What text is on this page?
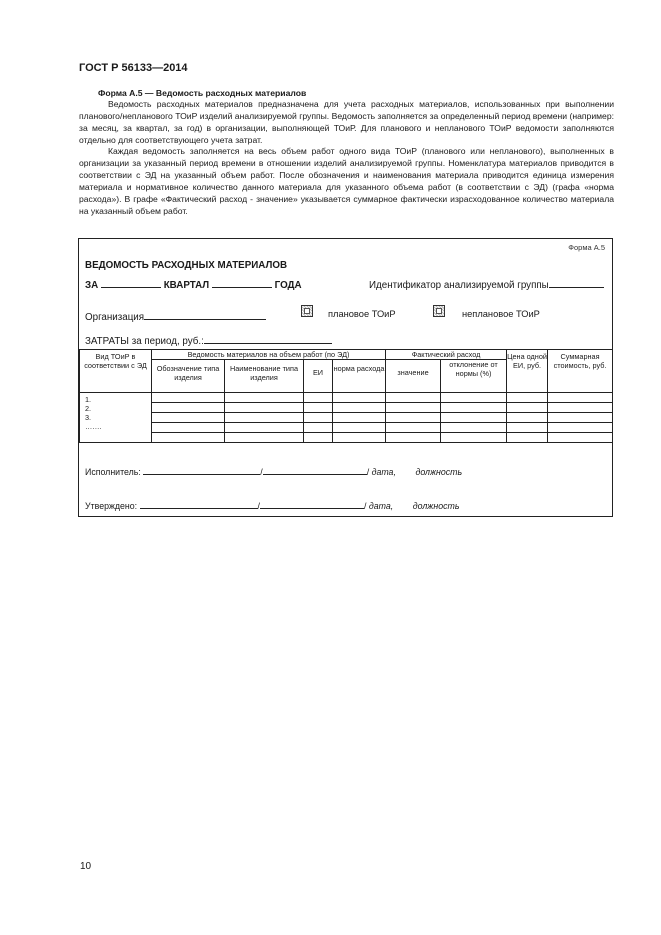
ГОСТ Р 56133—2014
Форма А.5 — Ведомость расходных материалов

Ведомость расходных материалов предназначена для учета расходных материалов, использованных при выполнении планового/непланового ТОиР изделий анализируемой группы. Ведомость заполняется за определенный период времени (например: за месяц, за квартал, за год) в организации, выполняющей ТОиР. Для планового и непланового ТОиР ведомости заполняются отдельно для соответствующего учета затрат.

Каждая ведомость заполняется на весь объем работ одного вида ТОиР (планового или непланового), выполненных в организации за указанный период времени в отношении изделий анализируемой группы. Номенклатура материалов приводится в соответствии с ЭД на указанный объем работ. После обозначения и наименования материала приводится единица измерения материала и нормативное количество данного материала для указанного объема работ (в соответствии с ЭД) (графа «норма расхода»). В графе «Фактический расход - значение» указывается суммарное фактически израсходованное количество материала на указанный объем работ.

Форма А.5
ВЕДОМОСТЬ РАСХОДНЫХ МАТЕРИАЛОВ
ЗА	КВАРТАЛ	ГОДА	Идентификатор анализируемой группы
Организация	плановое ТОиР	неплановое ТОиР
ЗАТРАТЫ за период, руб.:
Вид ТОиР в соответствии с ЭД	Ведомость материалов на объем работ (по ЭД)				Фактический расход		Цена одной ЕИ, руб.	Суммарная стоимость, руб.
	Обозначение типа изделия	Наименование типа изделия	ЕИ	норма расхода	значение	отклонение от нормы (%)		

1.
2.
3.
…….								

Исполнитель:	/	/ дата, должность
Утверждено:	/	/ дата, должность
10
